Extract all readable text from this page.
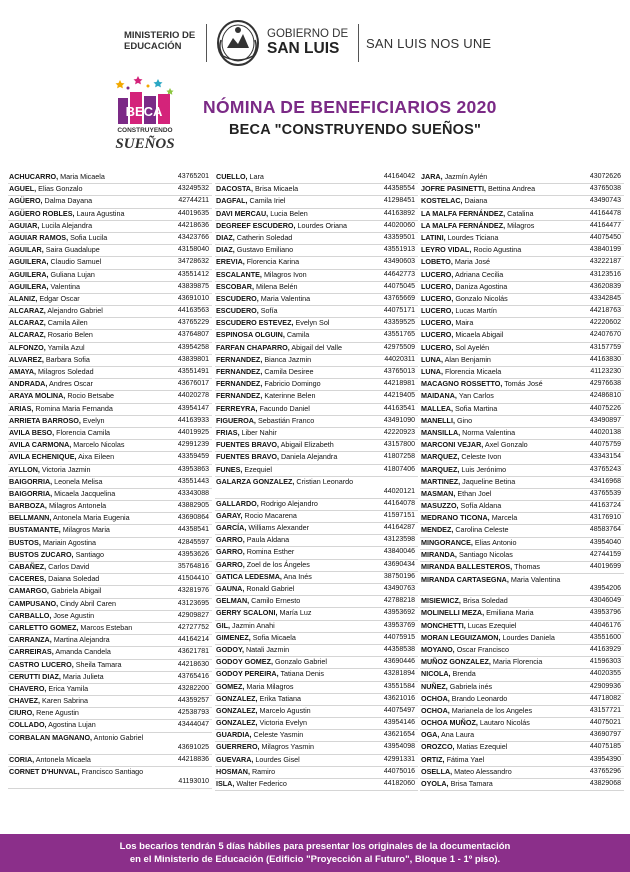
MINISTERIO DE EDUCACIÓN
GOBIERNO DE
SAN LUIS	SAN LUIS NOS UNE
BECA
CONSTRUYENDO
SUEÑOS
NÓMINA DE BENEFICIARIOS 2020
BECA "CONSTRUYENDO SUEÑOS"
ACHUCARRO, Maria Micaela	43765201
AGUEL, Elias Gonzalo	43249532
AGÜERO, Dalma Dayana	42744211
AGÜERO ROBLES, Laura Agustina	44019635
AGUIAR, Lucila Alejandra	44218636
AGUIAR RAMOS, Sofia Lucila	43423766
AGUILAR, Saira Guadalupe	43158040
AGUILERA, Claudio Samuel	34728632
AGUILERA, Guliana Lujan	43551412
AGUILERA, Valentina	43839875
ALANIZ, Edgar Oscar	43691010
ALCARAZ, Alejandro Gabriel	44163563
ALCARAZ, Camila Ailen	43765229
ALCARAZ, Rosario Belen	43764807
ALFONZO, Yamila Azul	43954258
ALVAREZ, Barbara Sofia	43839801
AMAYA, Milagros Soledad	43551491
ANDRADA, Andres Oscar	43676017
ARAYA MOLINA, Rocio Betsabe	44020278
ARIAS, Romina Maria Fernanda	43954147
ARRIETA BARROSO, Evelyn	44163933
AVILA BESO, Florencia Camila	44019925
AVILA CARMONA, Marcelo Nicolas	42991239
AVILA ECHENIQUE, Aixa Eileen	43359459
AYLLON, Victoria Jazmin	43953863
BAIGORRIA, Leonela Melisa	43551443
BAIGORRIA, Micaela Jacquelina	43343088
BARBOZA, Milagros Antonela	43882905
BELLMANN, Antonela Maria Eugenia	43690864
BUSTAMANTE, Milagros Maria	44358541
BUSTOS, Mariain Agostina	42845597
BUSTOS ZUCARO, Santiago	43953626
CABAÑEZ, Carlos David	35764816
CACERES, Daiana Soledad	41504410
CAMARGO, Gabriela Abigail	43281976
CAMPUSANO, Cindy Abril Caren	43123695
CARBALLO, Jose Agustin	42909827
CARLETTO GOMEZ, Marcos Esteban	42727752
CARRANZA, Martina Alejandra	44164214
CARREIRAS, Amanda Candela	43621781
CASTRO LUCERO, Sheila Tamara	44218630
CERUTTI DIAZ, Maria Julieta	43765416
CHAVERO, Erica Yamila	43282200
CHAVEZ, Karen Sabrina	44359257
CIURO, Rene Agustin	42538793
COLLADO, Agostina Lujan	43444047
CORBALAN MAGNANO, Antonio Gabriel
43691025
CORIA, Antonela Micaela	44218836
CORNET D'HUNVAL, Francisco Santiago
41193010
CUELLO, Lara	44164042
DACOSTA, Brisa Micaela	44358554
DAGFAL, Camila Iriel	41298451
DAVI MERCAU, Lucia Belen	44163892
DEGREEF ESCUDERO, Lourdes Oriana	44020060
DIAZ, Catherin Soledad	43359501
DIAZ, Gustavo Emiliano	43551913
EREVIA, Florencia Karina	43490603
ESCALANTE, Milagros Ivon	44642773
ESCOBAR, Milena Belén	44075045
ESCUDERO, Maria Valentina	43765669
ESCUDERO, Sofía	44075171
ESCUDERO ESTEVEZ, Evelyn Sol	43359525
ESPINOSA OLGUIN, Camila	43551765
FARFAN CHAPARRO, Abigail del Valle	42975509
FERNANDEZ, Bianca Jazmin	44020311
FERNANDEZ, Camila Desiree	43765013
FERNANDEZ, Fabricio Domingo	44218981
FERNANDEZ, Katerinne Belen	44219405
FERREYRA, Facundo Daniel	44163541
FIGUEROA, Sebastián Franco	43491090
FRIAS, Liber Nahir	42220923
FUENTES BRAVO, Abigail Elizabeth	43157800
FUENTES BRAVO, Daniela Alejandra	41807258
FUNES, Ezequiel	41807406
GALARZA GONZALEZ, Cristian Leonardo
44020121
GALLARDO, Rodrigo Alejandro	44164078
GARAY, Rocio Macarena	41597151
GARCÍA, Williams Alexander	44164287
GARRO, Paula Aldana	43123598
GARRO, Romina Esther	43840046
GARRO, Zoel de los Ángeles	43690434
GATICA LEDESMA, Ana Inés	38750196
GAUNA, Ronald Gabriel	43490763
GELMAN, Camilo Ernesto	42788218
GERRY SCALONI, María Luz	43953692
GIL, Jazmin Anahi	43953769
GIMENEZ, Sofia Micaela	44075915
GODOY, Natali Jazmin	44358538
GODOY GOMEZ, Gonzalo Gabriel	43690446
GODOY PEREIRA, Tatiana Denis	43281894
GOMEZ, Maria Milagros	43551584
GONZALEZ, Erika Tatiana	43621016
GONZALEZ, Marcelo Agustin	44075497
GONZALEZ, Victoria Evelyn	43954146
GUARDIA, Celeste Yasmin	43621654
GUERRERO, Milagros Yasmin	43954098
GUEVARA, Lourdes Gisel	42991331
HOSMAN, Ramiro	44075016
ISLA, Walter Federico	44182060
JARA, Jazmín Aylén	43072626
JOFRE PASINETTI, Bettina Andrea	43765038
KOSTELAC, Daiana	43490743
LA MALFA FERNÁNDEZ, Catalina	44164478
LA MALFA FERNÁNDEZ, Milagros	44164477
LATINI, Lourdes Ticiana	44075450
LEYRO VIDAL, Rocio Agustina	43840199
LOBETO, Maria José	43222187
LUCERO, Adriana Cecilia	43123516
LUCERO, Daniza Agostina	43620839
LUCERO, Gonzalo Nicolás	43342845
LUCERO, Lucas Martín	44218763
LUCERO, Maira	42220602
LUCERO, Micaela Abigail	42407670
LUCERO, Sol Ayelén	43157759
LUNA, Alan Benjamin	44163830
LUNA, Florencia Micaela	41123230
MACAGNO ROSSETTO, Tomás José	42976638
MAIDANA, Yan Carlos	42486810
MALLEA, Sofia Martina	44075226
MANELLI, Gino	43490897
MANSILLA, Norma Valentina	44020138
MARCONI VEJAR, Axel Gonzalo	44075759
MARQUEZ, Celeste Ivon	43343154
MARQUEZ, Luis Jerónimo	43765243
MARTINEZ, Jaqueline Betina	43416968
MASMAN, Ethan Joel	43765539
MASUZZO, Sofía Aldana	44163724
MEDRANO TICONA, Marcela	43176910
MENDEZ, Carolina Celeste	48583764
MINGORANCE, Elias Antonio	43954040
MIRANDA, Santiago Nicolas	42744159
MIRANDA BALLESTEROS, Thomas	44019699
MIRANDA CARTASEGNA, Maria Valentina
43954206
MISIEWICZ, Brisa Soledad	43046049
MOLINELLI MEZA, Emiliana Maria	43953796
MONCHETTI, Lucas Ezequiel	44046176
MORAN LEGUIZAMON, Lourdes Daniela	43551600
MOYANO, Oscar Francisco	44163929
MUÑOZ GONZALEZ, Maria Florencia	41596303
NICOLA, Brenda	44020355
NUÑEZ, Gabriela inés	42909936
OCHOA, Brando Leonardo	44718082
OCHOA, Marianela de los Angeles	43157721
OCHOA MUÑOZ, Lautaro Nicolás	44075021
OGA, Ana Laura	43690797
OROZCO, Matias Ezequiel	44075185
ORTIZ, Fátima Yael	43954390
OSELLA, Mateo Alessandro	43765296
OYOLA, Brisa Tamara	43829068
Los becarios tendrán 5 días hábiles para presentar los originales de la documentación
en el Ministerio de Educación (Edificio "Proyección al Futuro", Bloque 1 - 1º piso).
